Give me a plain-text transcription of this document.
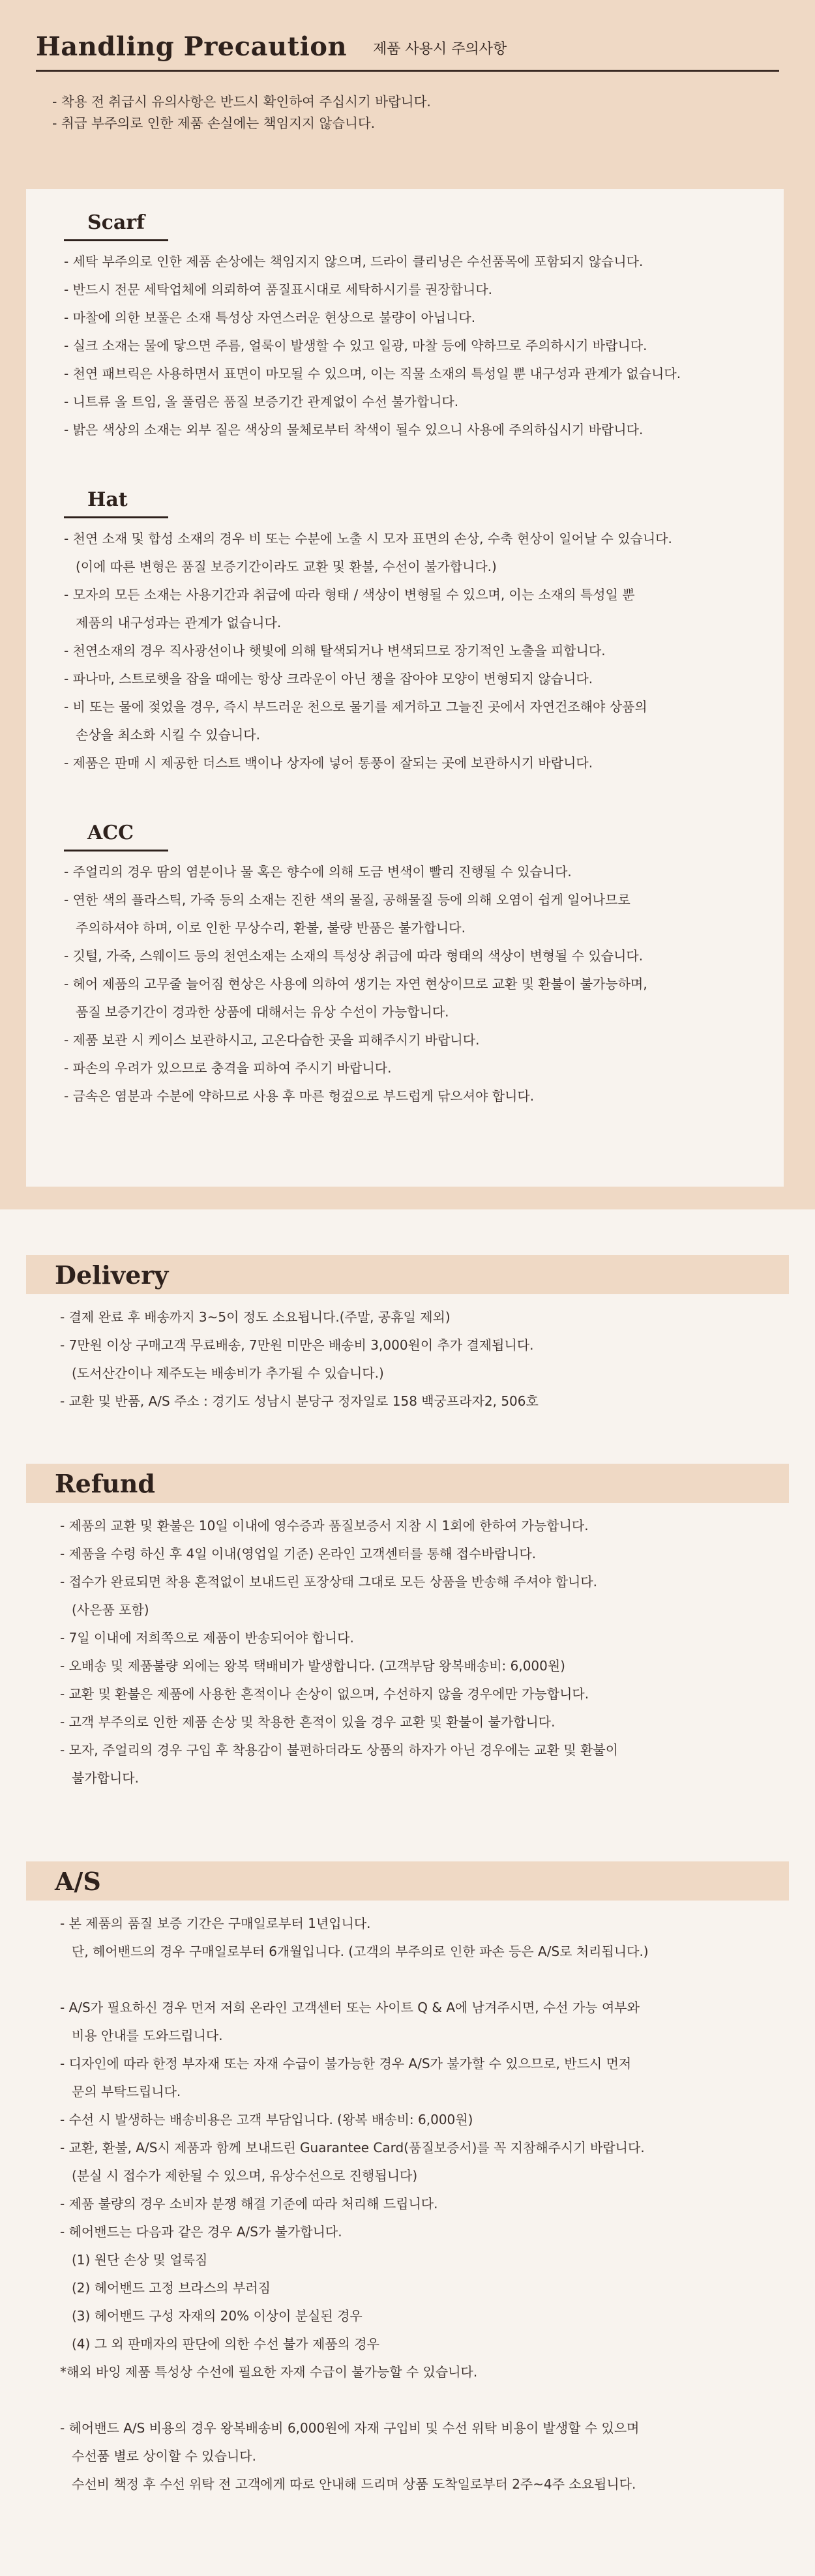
Handling Precaution 제품 사용시 주의사항

- 착용 전 취급시 유의사항은 반드시 확인하여 주십시기 바랍니다.

- 취급 부주의로 인한 제품 손실에는 책임지지 않습니다.

Scarf

- 세탁 부주의로 인한 제품 손상에는 책임지지 않으며, 드라이 클리닝은 수선품목에 포함되지 않습니다.

- 반드시 전문 세탁업체에 의뢰하여 품질표시대로 세탁하시기를 권장합니다.

- 마찰에 의한 보풀은 소재 특성상 자연스러운 현상으로 불량이 아닙니다.

- 실크 소재는 물에 닿으면 주름, 얼룩이 발생할 수 있고 일광, 마찰 등에 약하므로 주의하시기 바랍니다.

- 천연 패브릭은 사용하면서 표면이 마모될 수 있으며, 이는 직물 소재의 특성일 뿐 내구성과 관계가 없습니다.

- 니트류 올 트임, 올 풀림은 품질 보증기간 관계없이 수선 불가합니다.

- 밝은 색상의 소재는 외부 짙은 색상의 물체로부터 착색이 될수 있으니 사용에 주의하십시기 바랍니다.

Hat

- 천연 소재 및 합성 소재의 경우 비 또는 수분에 노출 시 모자 표면의 손상, 수축 현상이 일어날 수 있습니다.

(이에 따른 변형은 품질 보증기간이라도 교환 및 환불, 수선이 불가합니다.)

- 모자의 모든 소재는 사용기간과 취급에 따라 형태 / 색상이 변형될 수 있으며, 이는 소재의 특성일 뿐

제품의 내구성과는 관계가 없습니다.

- 천연소재의 경우 직사광선이나 햇빛에 의해 탈색되거나 변색되므로 장기적인 노출을 피합니다.

- 파나마, 스트로햇을 잡을 때에는 항상 크라운이 아닌 챙을 잡아야 모양이 변형되지 않습니다.

- 비 또는 물에 젖었을 경우, 즉시 부드러운 천으로 물기를 제거하고 그늘진 곳에서 자연건조해야 상품의

손상을 최소화 시킬 수 있습니다.

- 제품은 판매 시 제공한 더스트 백이나 상자에 넣어 통풍이 잘되는 곳에 보관하시기 바랍니다.

ACC

- 주얼리의 경우 땀의 염분이나 물 혹은 향수에 의해 도금 변색이 빨리 진행될 수 있습니다.

- 연한 색의 플라스틱, 가죽 등의 소재는 진한 색의 물질, 공해물질 등에 의해 오염이 쉽게 일어나므로

주의하셔야 하며, 이로 인한 무상수리, 환불, 불량 반품은 불가합니다.

- 깃털, 가죽, 스웨이드 등의 천연소재는 소재의 특성상 취급에 따라 형태의 색상이 변형될 수 있습니다.

- 헤어 제품의 고무줄 늘어짐 현상은 사용에 의하여 생기는 자연 현상이므로 교환 및 환불이 불가능하며,

품질 보증기간이 경과한 상품에 대해서는 유상 수선이 가능합니다.

- 제품 보관 시 케이스 보관하시고, 고온다습한 곳을 피해주시기 바랍니다.

- 파손의 우려가 있으므로 충격을 피하여 주시기 바랍니다.

- 금속은 염분과 수분에 약하므로 사용 후 마른 헝겊으로 부드럽게 닦으셔야 합니다.

Delivery

- 결제 완료 후 배송까지 3~5이 정도 소요됩니다.(주말, 공휴일 제외)

- 7만원 이상 구매고객 무료배송, 7만원 미만은 배송비 3,000원이 추가 결제됩니다.

(도서산간이나 제주도는 배송비가 추가될 수 있습니다.)

- 교환 및 반품, A/S 주소 : 경기도 성남시 분당구 정자일로 158 백궁프라자2, 506호

Refund

- 제품의 교환 및 환불은 10일 이내에 영수증과 품질보증서 지참 시 1회에 한하여 가능합니다.

- 제품을 수령 하신 후 4일 이내(영업일 기준) 온라인 고객센터를 통해 접수바랍니다.

- 접수가 완료되면 착용 흔적없이 보내드린 포장상태 그대로 모든 상품을 반송해 주셔야 합니다.

(사은품 포함)

- 7일 이내에 저희쪽으로 제품이 반송되어야 합니다.

- 오배송 및 제품불량 외에는 왕복 택배비가 발생합니다. (고객부담 왕복배송비: 6,000원)

- 교환 및 환불은 제품에 사용한 흔적이나 손상이 없으며, 수선하지 않을 경우에만 가능합니다.

- 고객 부주의로 인한 제품 손상 및 착용한 흔적이 있을 경우 교환 및 환불이 불가합니다.

- 모자, 주얼리의 경우 구입 후 착용감이 불편하더라도 상품의 하자가 아닌 경우에는 교환 및 환불이

불가합니다.

A/S

- 본 제품의 품질 보증 기간은 구매일로부터 1년입니다.

단, 헤어밴드의 경우 구매일로부터 6개월입니다. (고객의 부주의로 인한 파손 등은 A/S로 처리됩니다.)

- A/S가 필요하신 경우 먼저 저희 온라인 고객센터 또는 사이트 Q & A에 남겨주시면, 수선 가능 여부와

비용 안내를 도와드립니다.

- 디자인에 따라 한정 부자재 또는 자재 수급이 불가능한 경우 A/S가 불가할 수 있으므로, 반드시 먼저

문의 부탁드립니다.

- 수선 시 발생하는 배송비용은 고객 부담입니다. (왕복 배송비: 6,000원)

- 교환, 환불, A/S시 제품과 함께 보내드린 Guarantee Card(품질보증서)를 꼭 지참해주시기 바랍니다.

(분실 시 접수가 제한될 수 있으며, 유상수선으로 진행됩니다)

- 제품 불량의 경우 소비자 분쟁 해결 기준에 따라 처리해 드립니다.

- 헤어밴드는 다음과 같은 경우 A/S가 불가합니다.

(1) 원단 손상 및 얼룩짐

(2) 헤어밴드 고정 브라스의 부러짐

(3) 헤어밴드 구성 자재의 20% 이상이 분실된 경우

(4) 그 외 판매자의 판단에 의한 수선 불가 제품의 경우

*해외 바잉 제품 특성상 수선에 필요한 자재 수급이 불가능할 수 있습니다.

- 헤어밴드 A/S 비용의 경우 왕복배송비 6,000원에 자재 구입비 및 수선 위탁 비용이 발생할 수 있으며

수선품 별로 상이할 수 있습니다.

수선비 책정 후 수선 위탁 전 고객에게 따로 안내해 드리며 상품 도착일로부터 2주~4주 소요됩니다.
